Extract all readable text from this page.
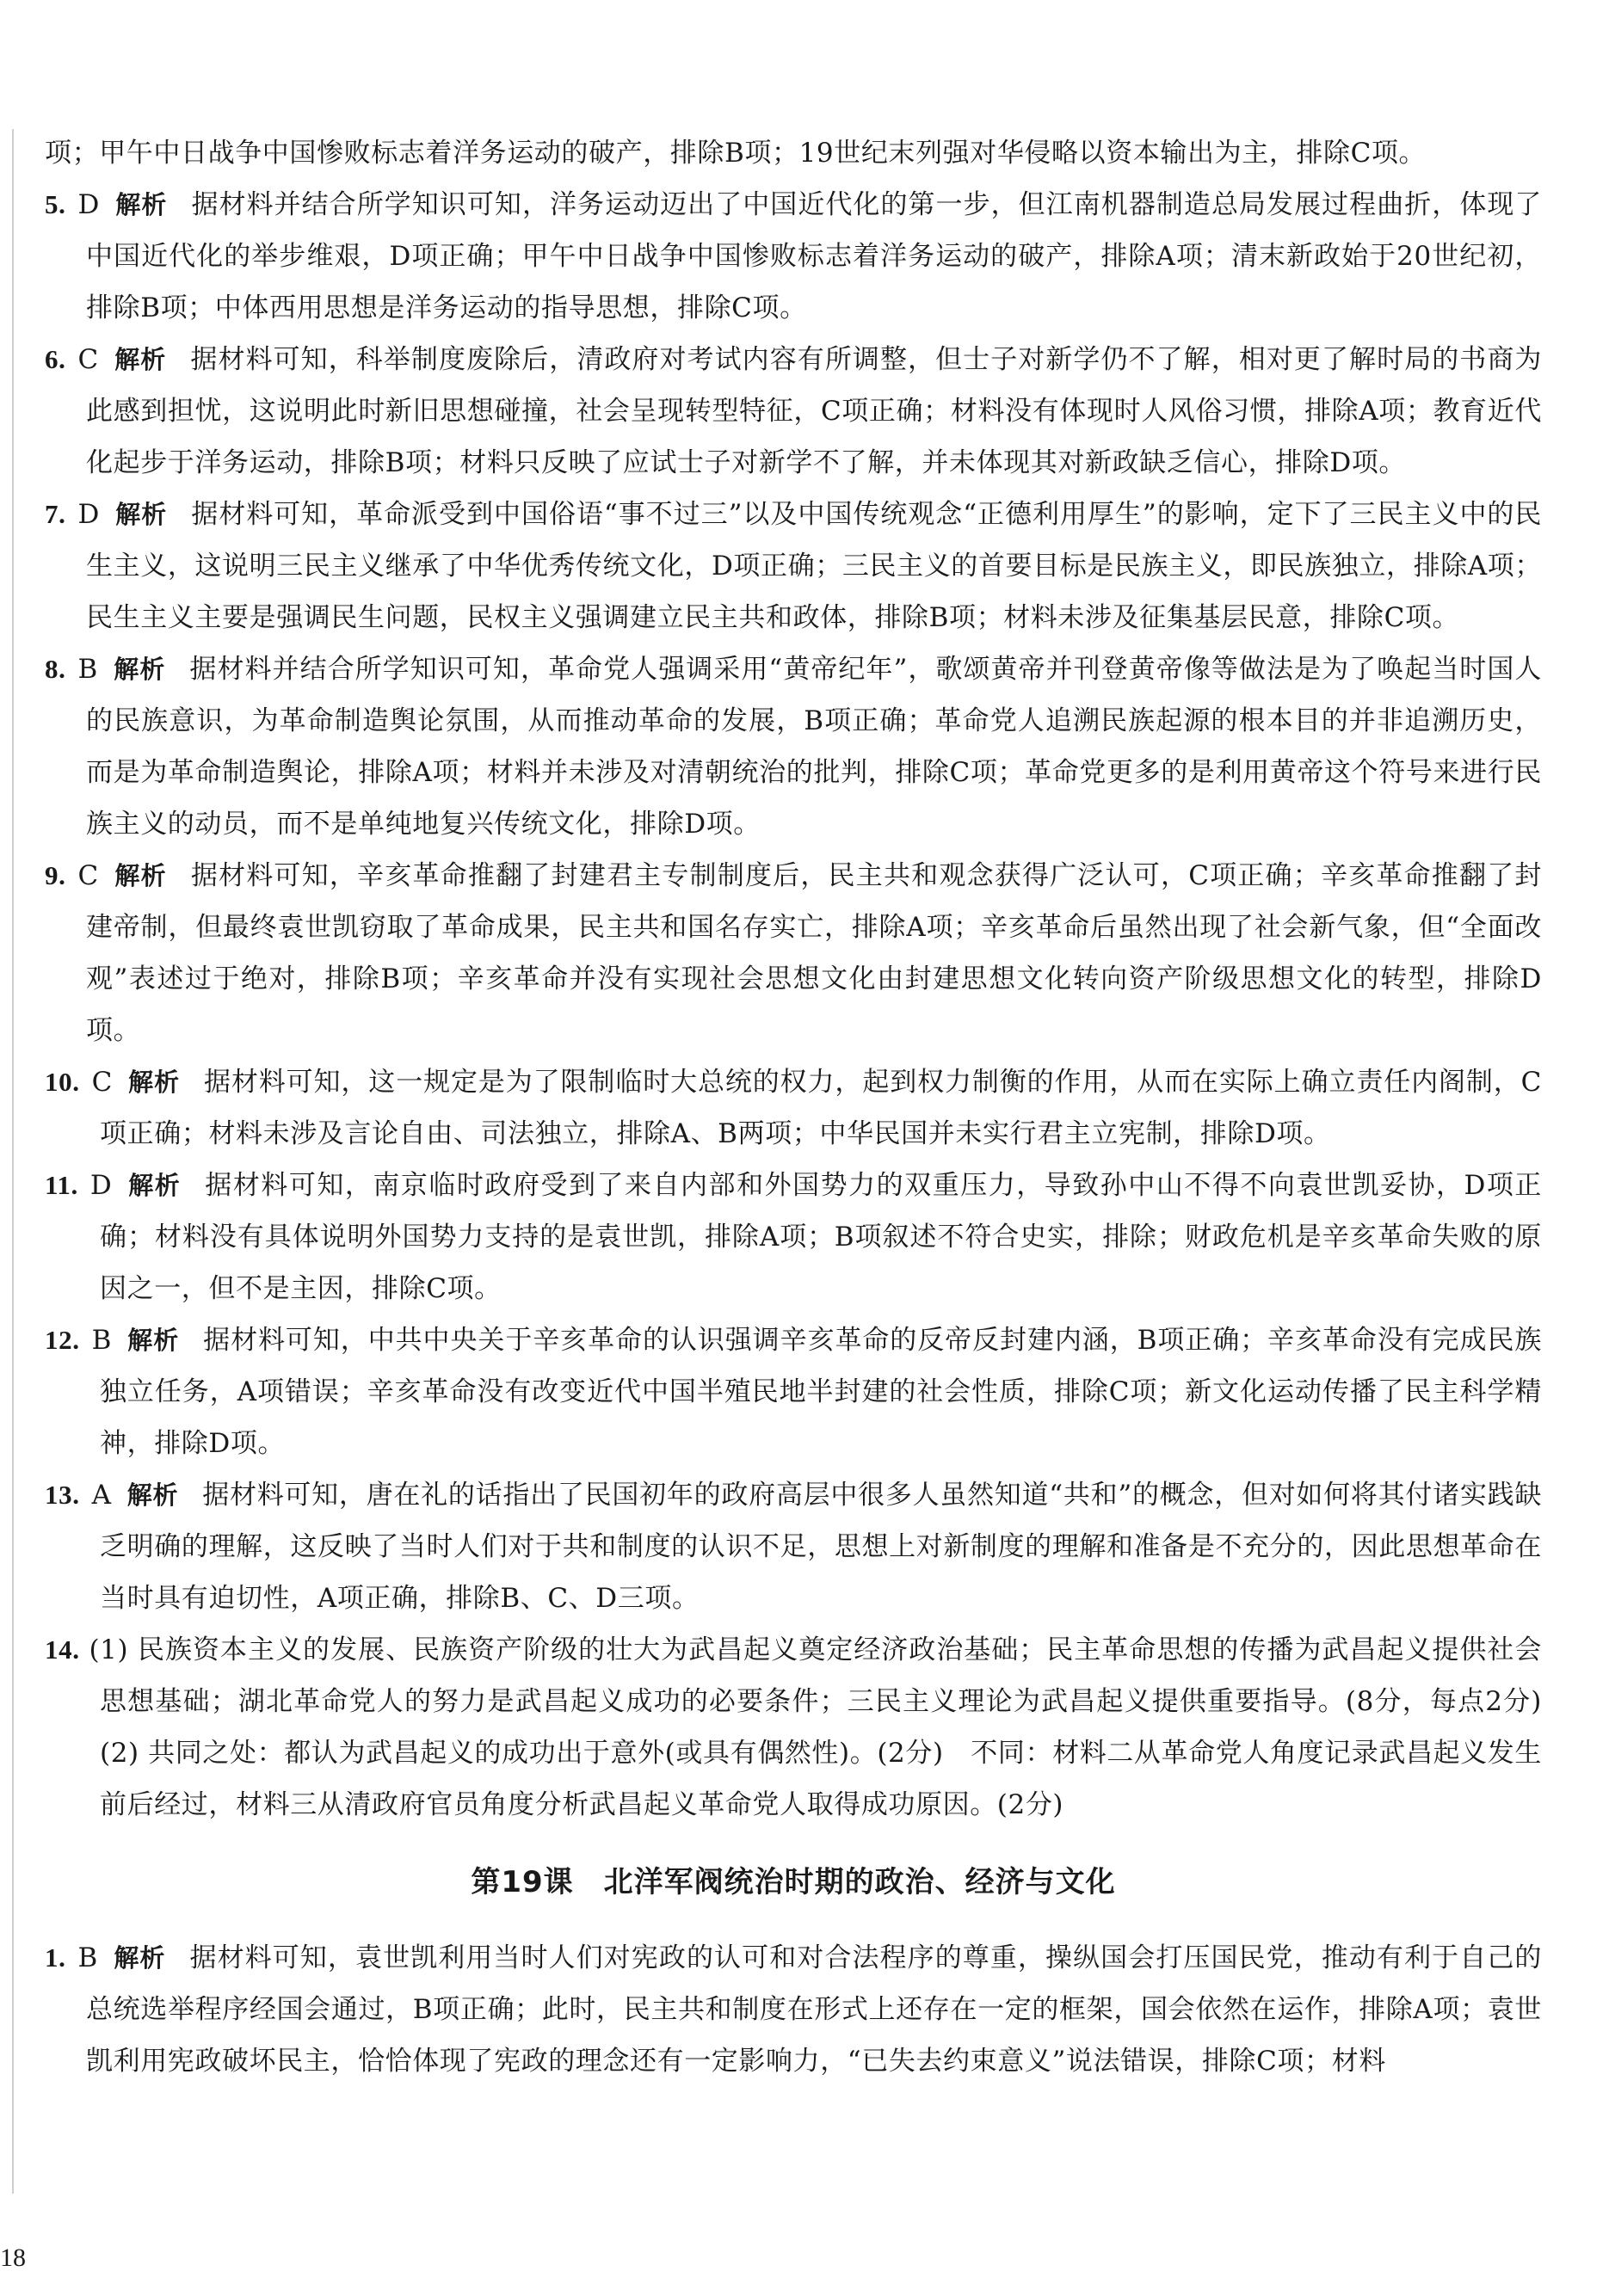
项；甲午中日战争中国惨败标志着洋务运动的破产，排除B项；19世纪末列强对华侵略以资本输出为主，排除C项。
5. D 解析 据材料并结合所学知识可知，洋务运动迈出了中国近代化的第一步，但江南机器制造总局发展过程曲折，体现了中国近代化的举步维艰，D项正确；甲午中日战争中国惨败标志着洋务运动的破产，排除A项；清末新政始于20世纪初，排除B项；中体西用思想是洋务运动的指导思想，排除C项。
6. C 解析 据材料可知，科举制度废除后，清政府对考试内容有所调整，但士子对新学仍不了解，相对更了解时局的书商为此感到担忧，这说明此时新旧思想碰撞，社会呈现转型特征，C项正确；材料没有体现时人风俗习惯，排除A项；教育近代化起步于洋务运动，排除B项；材料只反映了应试士子对新学不了解，并未体现其对新政缺乏信心，排除D项。
7. D 解析 据材料可知，革命派受到中国俗语“事不过三”以及中国传统观念“正德利用厚生”的影响，定下了三民主义中的民生主义，这说明三民主义继承了中华优秀传统文化，D项正确；三民主义的首要目标是民族主义，即民族独立，排除A项；民生主义主要是强调民生问题，民权主义强调建立民主共和政体，排除B项；材料未涉及征集基层民意，排除C项。
8. B 解析 据材料并结合所学知识可知，革命党人强调采用“黄帝纪年”，歌颂黄帝并刊登黄帝像等做法是为了唤起当时国人的民族意识，为革命制造舆论氛围，从而推动革命的发展，B项正确；革命党人追溯民族起源的根本目的并非追溯历史，而是为革命制造舆论，排除A项；材料并未涉及对清朝统治的批判，排除C项；革命党更多的是利用黄帝这个符号来进行民族主义的动员，而不是单纯地复兴传统文化，排除D项。
9. C 解析 据材料可知，辛亥革命推翻了封建君主专制制度后，民主共和观念获得广泛认可，C项正确；辛亥革命推翻了封建帝制，但最终袁世凯窃取了革命成果，民主共和国名存实亡，排除A项；辛亥革命后虽然出现了社会新气象，但“全面改观”表述过于绝对，排除B项；辛亥革命并没有实现社会思想文化由封建思想文化转向资产阶级思想文化的转型，排除D项。
10. C 解析 据材料可知，这一规定是为了限制临时大总统的权力，起到权力制衡的作用，从而在实际上确立责任内阁制，C项正确；材料未涉及言论自由、司法独立，排除A、B两项；中华民国并未实行君主立宪制，排除D项。
11. D 解析 据材料可知，南京临时政府受到了来自内部和外国势力的双重压力，导致孙中山不得不向袁世凯妥协，D项正确；材料没有具体说明外国势力支持的是袁世凯，排除A项；B项叙述不符合史实，排除；财政危机是辛亥革命失败的原因之一，但不是主因，排除C项。
12. B 解析 据材料可知，中共中央关于辛亥革命的认识强调辛亥革命的反帝反封建内涵，B项正确；辛亥革命没有完成民族独立任务，A项错误；辛亥革命没有改变近代中国半殖民地半封建的社会性质，排除C项；新文化运动传播了民主科学精神，排除D项。
13. A 解析 据材料可知，唐在礼的话指出了民国初年的政府高层中很多人虽然知道“共和”的概念，但对如何将其付诸实践缺乏明确的理解，这反映了当时人们对于共和制度的认识不足，思想上对新制度的理解和准备是不充分的，因此思想革命在当时具有迫切性，A项正确，排除B、C、D三项。
14. (1) 民族资本主义的发展、民族资产阶级的壮大为武昌起义奠定经济政治基础；民主革命思想的传播为武昌起义提供社会思想基础；湖北革命党人的努力是武昌起义成功的必要条件；三民主义理论为武昌起义提供重要指导。(8分，每点2分)　(2) 共同之处：都认为武昌起义的成功出于意外(或具有偶然性)。(2分)　不同：材料二从革命党人角度记录武昌起义发生前后经过，材料三从清政府官员角度分析武昌起义革命党人取得成功原因。(2分)
第19课　北洋军阀统治时期的政治、经济与文化
1. B 解析 据材料可知，袁世凯利用当时人们对宪政的认可和对合法程序的尊重，操纵国会打压国民党，推动有利于自己的总统选举程序经国会通过，B项正确；此时，民主共和制度在形式上还存在一定的框架，国会依然在运作，排除A项；袁世凯利用宪政破坏民主，恰恰体现了宪政的理念还有一定影响力，“已失去约束意义”说法错误，排除C项；材料
18
